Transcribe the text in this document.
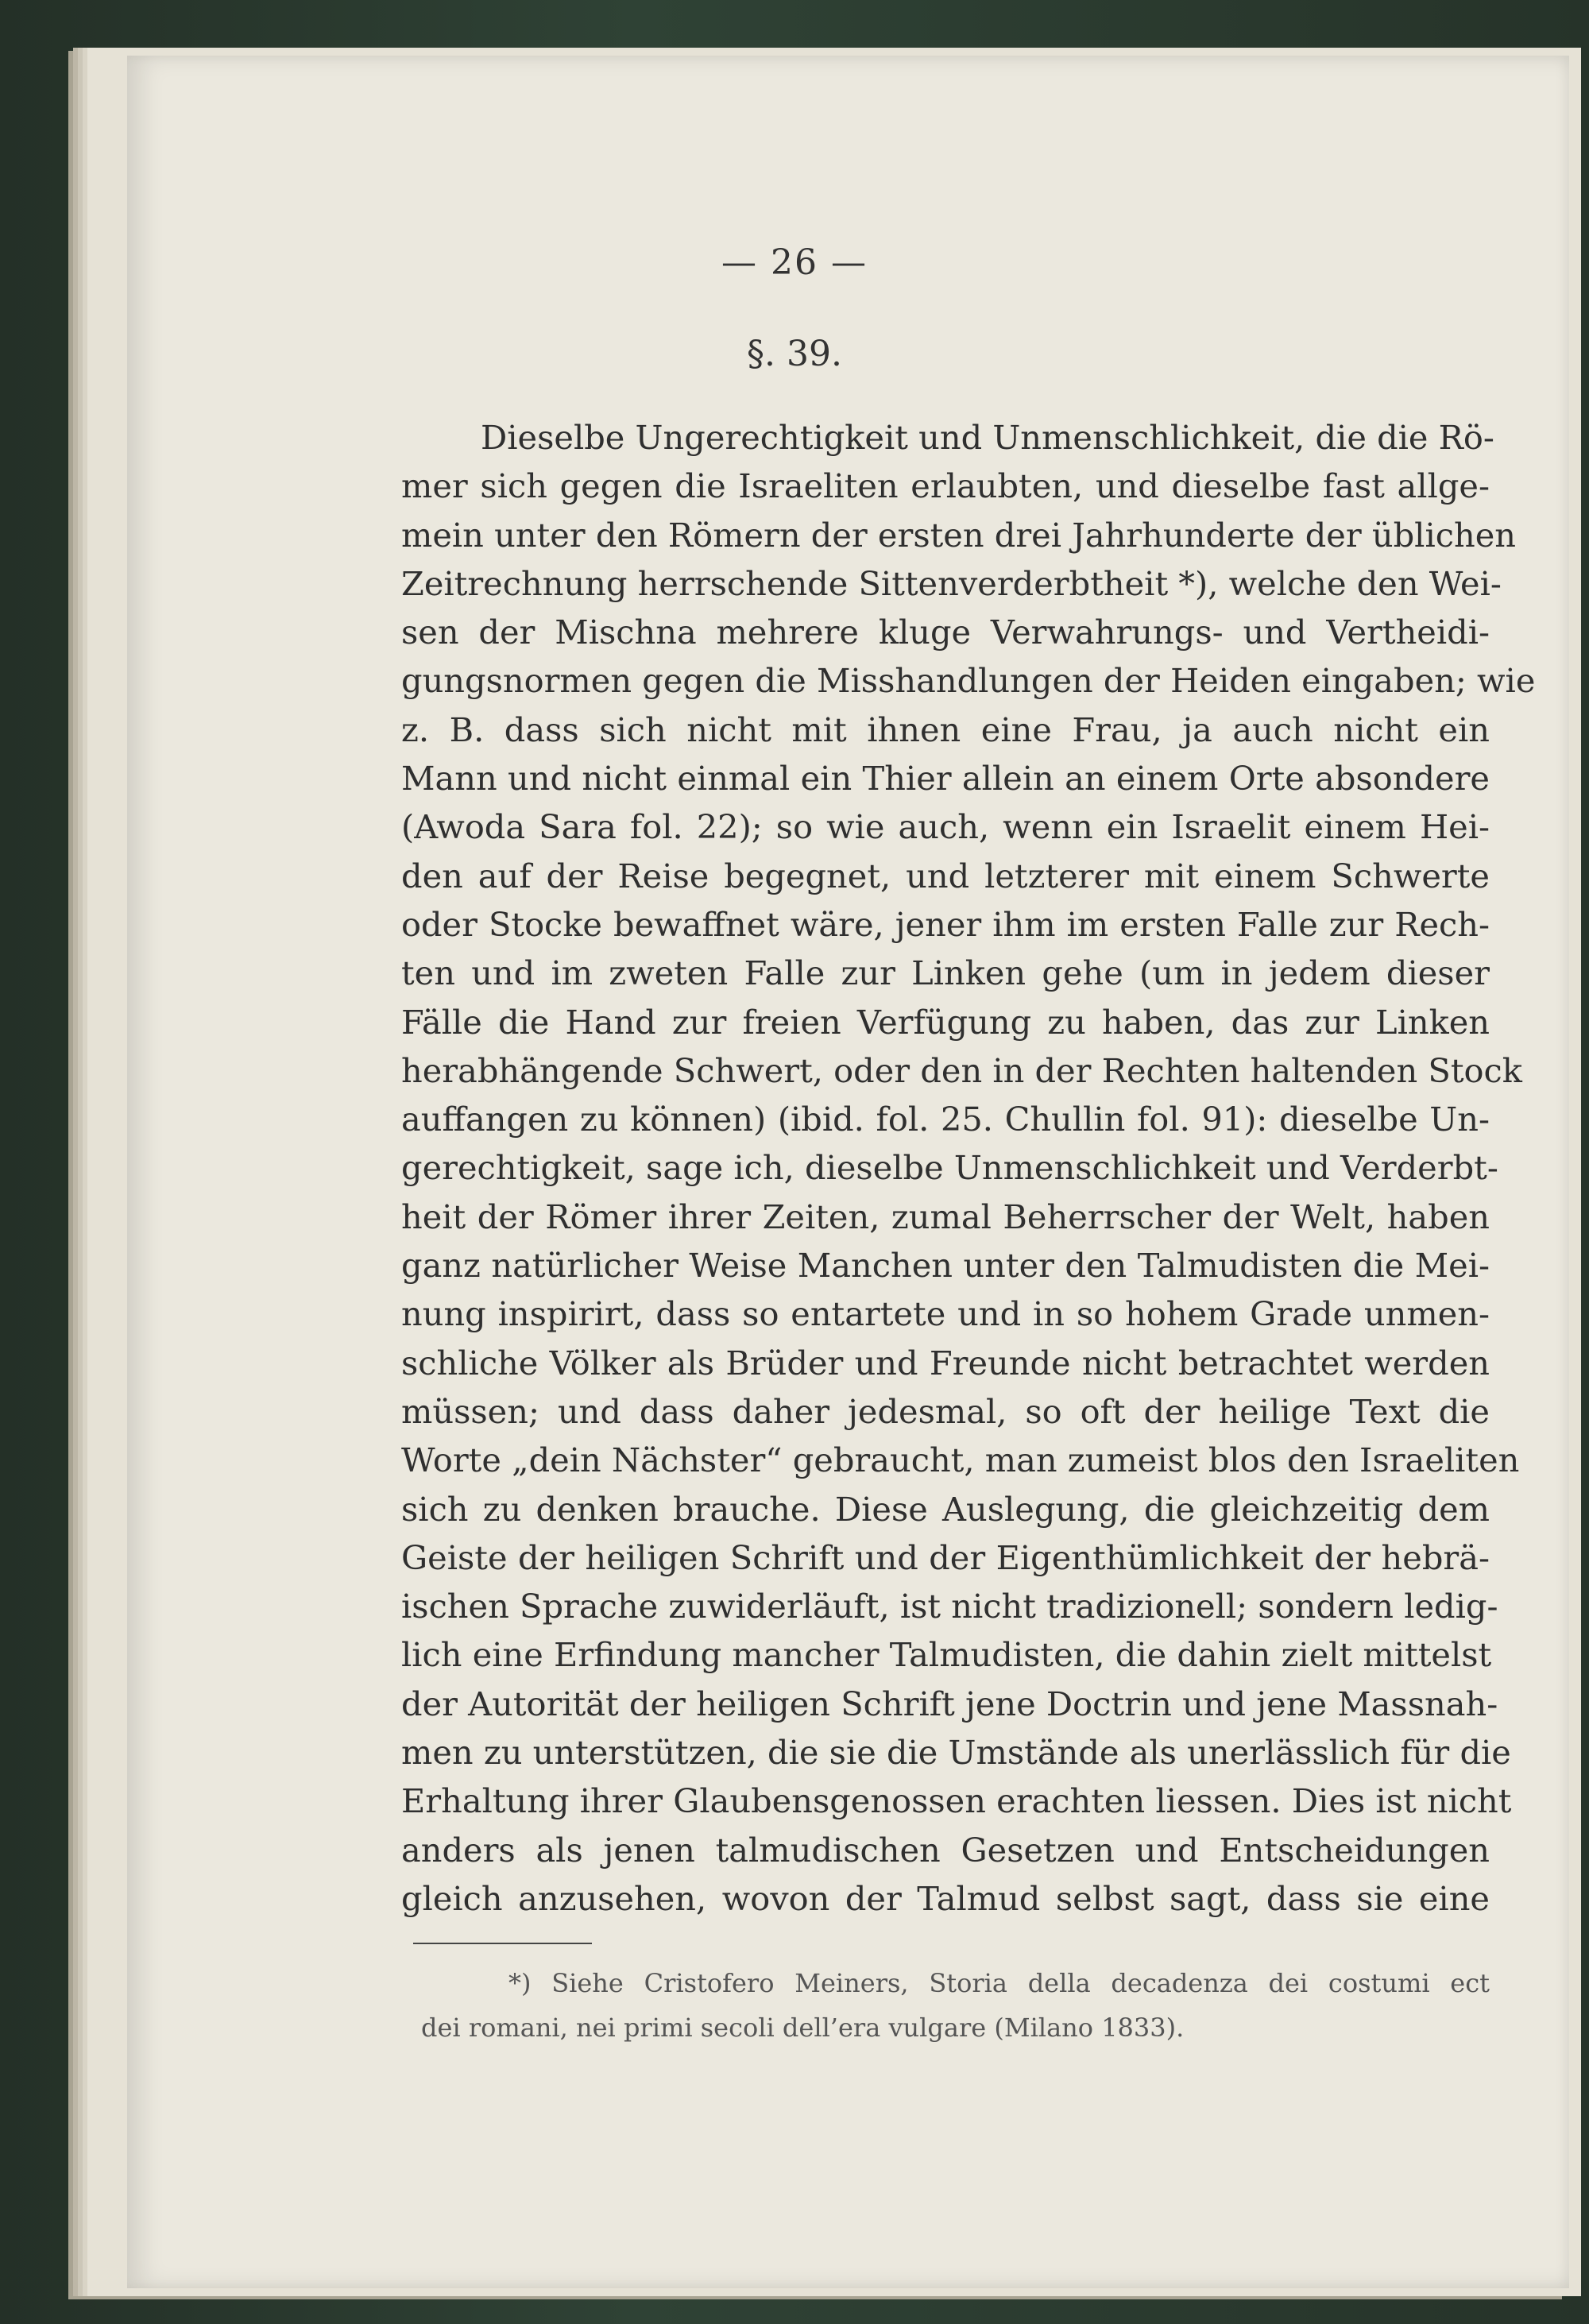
— 26 —
§. 39.
Dieselbe Ungerechtigkeit und Unmenschlichkeit, die die Rö-
mer sich gegen die Israeliten erlaubten, und dieselbe fast allge-
mein unter den Römern der ersten drei Jahrhunderte der üblichen
Zeitrechnung herrschende Sittenverderbtheit *), welche den Wei-
sen der Mischna mehrere kluge Verwahrungs- und Vertheidi-
gungsnormen gegen die Misshandlungen der Heiden eingaben; wie
z. B. dass sich nicht mit ihnen eine Frau, ja auch nicht ein
Mann und nicht einmal ein Thier allein an einem Orte absondere
(Awoda Sara fol. 22); so wie auch, wenn ein Israelit einem Hei-
den auf der Reise begegnet, und letzterer mit einem Schwerte
oder Stocke bewaffnet wäre, jener ihm im ersten Falle zur Rech-
ten und im zweten Falle zur Linken gehe (um in jedem dieser
Fälle die Hand zur freien Verfügung zu haben, das zur Linken
herabhängende Schwert, oder den in der Rechten haltenden Stock
auffangen zu können) (ibid. fol. 25. Chullin fol. 91): dieselbe Un-
gerechtigkeit, sage ich, dieselbe Unmenschlichkeit und Verderbt-
heit der Römer ihrer Zeiten, zumal Beherrscher der Welt, haben
ganz natürlicher Weise Manchen unter den Talmudisten die Mei-
nung inspirirt, dass so entartete und in so hohem Grade unmen-
schliche Völker als Brüder und Freunde nicht betrachtet werden
müssen; und dass daher jedesmal, so oft der heilige Text die
Worte „dein Nächster“ gebraucht, man zumeist blos den Israeliten
sich zu denken brauche. Diese Auslegung, die gleichzeitig dem
Geiste der heiligen Schrift und der Eigenthümlichkeit der hebrä-
ischen Sprache zuwiderläuft, ist nicht tradizionell; sondern ledig-
lich eine Erfindung mancher Talmudisten, die dahin zielt mittelst
der Autorität der heiligen Schrift jene Doctrin und jene Massnah-
men zu unterstützen, die sie die Umstände als unerlässlich für die
Erhaltung ihrer Glaubensgenossen erachten liessen. Dies ist nicht
anders als jenen talmudischen Gesetzen und Entscheidungen
gleich anzusehen, wovon der Talmud selbst sagt, dass sie eine
*) Siehe Cristofero Meiners, Storia della decadenza dei costumi ect
dei romani, nei primi secoli dell’era vulgare (Milano 1833).
